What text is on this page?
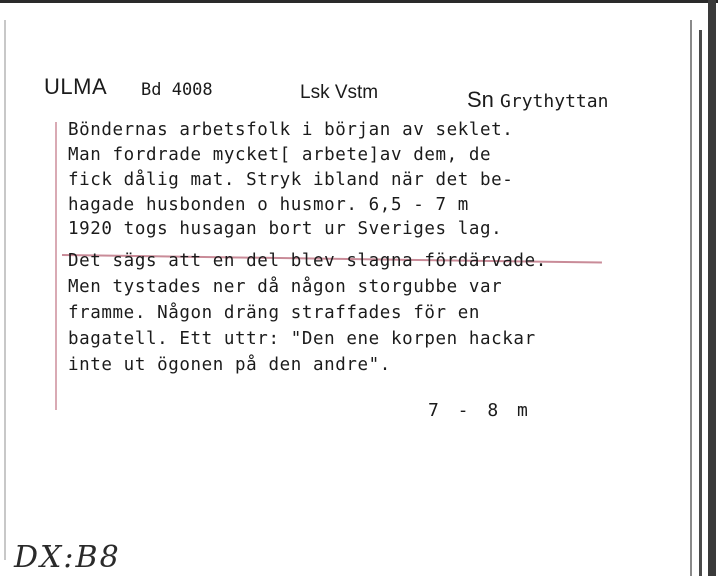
ULMA Bd 4008	Lsk Vstm	Sn Grythyttan
Böndernas arbetsfolk i början av seklet.
Man fordrade mycket[ arbete]av dem, de
fick dålig mat. Stryk ibland när det be-
hagade husbonden o husmor. 6,5 - 7 m
1920 togs husagan bort ur Sveriges lag.
Det sägs att en del blev slagna fördärvade.
Men tystades ner då någon storgubbe var
framme. Någon dräng straffades för en
bagatell. Ett uttr: "Den ene korpen hackar
inte ut ögonen på den andre".
7 - 8 m
DX:B8
